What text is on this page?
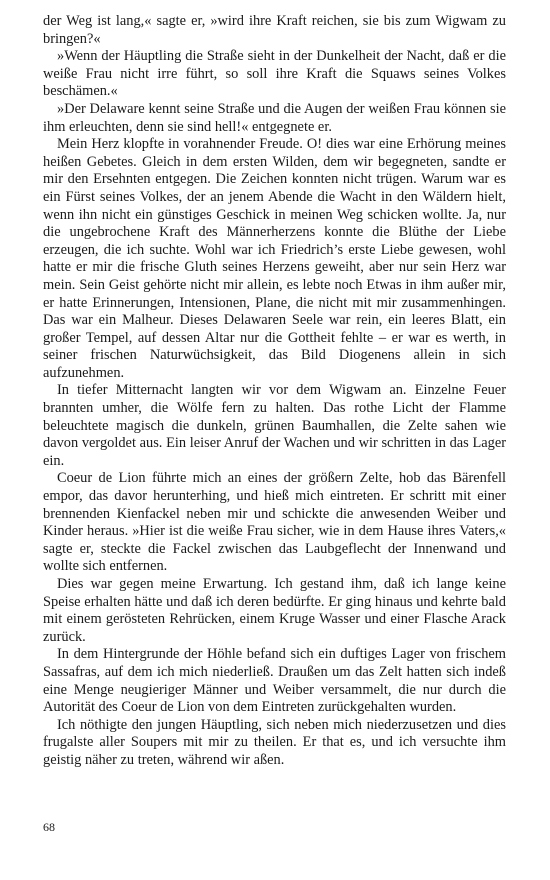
der Weg ist lang,« sagte er, »wird ihre Kraft reichen, sie bis zum Wigwam zu bringen?«

»Wenn der Häuptling die Straße sieht in der Dunkelheit der Nacht, daß er die weiße Frau nicht irre führt, so soll ihre Kraft die Squaws seines Volkes beschämen.«

»Der Delaware kennt seine Straße und die Augen der weißen Frau können sie ihm erleuchten, denn sie sind hell!« entgegnete er.

Mein Herz klopfte in vorahnender Freude. O! dies war eine Erhörung meines heißen Gebetes. Gleich in dem ersten Wilden, dem wir begegneten, sandte er mir den Ersehnten entgegen. Die Zeichen konnten nicht trügen. Warum war es ein Fürst seines Volkes, der an jenem Abende die Wacht in den Wäldern hielt, wenn ihn nicht ein günstiges Geschick in meinen Weg schicken wollte. Ja, nur die ungebrochene Kraft des Männerherzens konnte die Blüthe der Liebe erzeugen, die ich suchte. Wohl war ich Friedrich’s erste Liebe gewesen, wohl hatte er mir die frische Gluth seines Herzens geweiht, aber nur sein Herz war mein. Sein Geist gehörte nicht mir allein, es lebte noch Etwas in ihm außer mir, er hatte Erinnerungen, Intensionen, Plane, die nicht mit mir zusammenhingen. Das war ein Malheur. Dieses Delawaren Seele war rein, ein leeres Blatt, ein großer Tempel, auf dessen Altar nur die Gottheit fehlte – er war es werth, in seiner frischen Naturwüchsigkeit, das Bild Diogenens allein in sich aufzunehmen.

In tiefer Mitternacht langten wir vor dem Wigwam an. Einzelne Feuer brannten umher, die Wölfe fern zu halten. Das rothe Licht der Flamme beleuchtete magisch die dunkeln, grünen Baumhallen, die Zelte sahen wie davon vergoldet aus. Ein leiser Anruf der Wachen und wir schritten in das Lager ein.

Coeur de Lion führte mich an eines der größern Zelte, hob das Bärenfell empor, das davor herunterhing, und hieß mich eintreten. Er schritt mit einer brennenden Kienfackel neben mir und schickte die anwesenden Weiber und Kinder heraus. »Hier ist die weiße Frau sicher, wie in dem Hause ihres Vaters,« sagte er, steckte die Fackel zwischen das Laubgeflecht der Innenwand und wollte sich entfernen.

Dies war gegen meine Erwartung. Ich gestand ihm, daß ich lange keine Speise erhalten hätte und daß ich deren bedürfte. Er ging hinaus und kehrte bald mit einem gerösteten Rehrücken, einem Kruge Wasser und einer Flasche Arack zurück.

In dem Hintergrunde der Höhle befand sich ein duftiges Lager von frischem Sassafras, auf dem ich mich niederließ. Draußen um das Zelt hatten sich indeß eine Menge neugieriger Männer und Weiber versammelt, die nur durch die Autorität des Coeur de Lion von dem Eintreten zurückgehalten wurden.

Ich nöthigte den jungen Häuptling, sich neben mich niederzusetzen und dies frugalste aller Soupers mit mir zu theilen. Er that es, und ich versuchte ihm geistig näher zu treten, während wir aßen.

68
